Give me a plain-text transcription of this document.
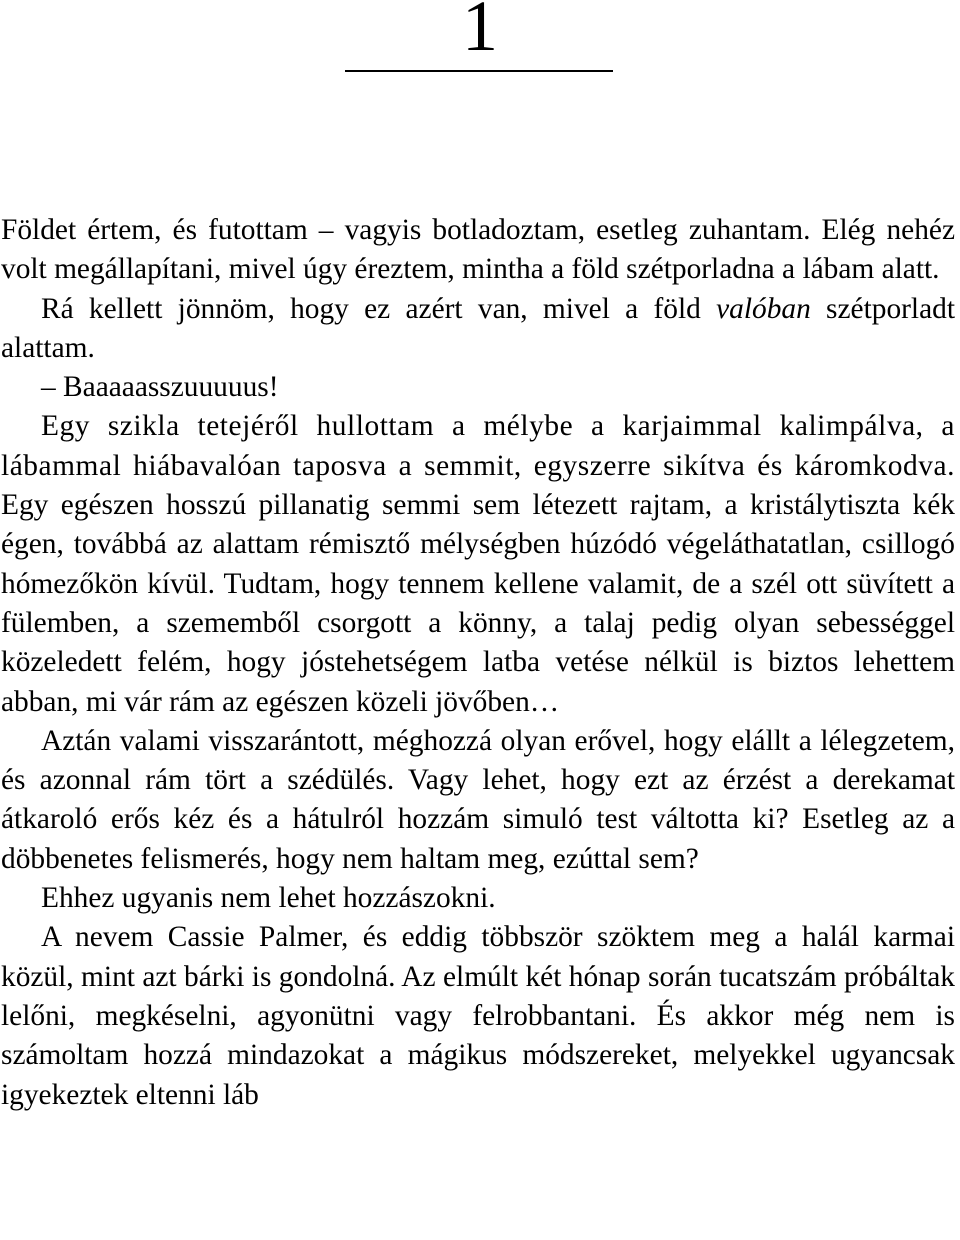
1

Földet értem, és futottam – vagyis botladoztam, esetleg zuhantam. Elég nehéz volt megállapítani, mivel úgy éreztem, mintha a föld szétporladna a lábam alatt.

Rá kellett jönnöm, hogy ez azért van, mivel a föld valóban szétporladt alattam.

– Baaaaasszuuuuus!

Egy szikla tetejéről hullottam a mélybe a karjaimmal kalimpálva, a lábammal hiábavalóan taposva a semmit, egyszerre sikítva és káromkodva. Egy egészen hosszú pillanatig semmi sem létezett rajtam, a kristálytiszta kék égen, továbbá az alattam rémisztő mélységben húzódó végeláthatatlan, csillogó hómezőkön kívül. Tudtam, hogy tennem kellene valamit, de a szél ott süvített a fülemben, a szememből csorgott a könny, a talaj pedig olyan sebességgel közeledett felém, hogy jóstehetségem latba vetése nélkül is biztos lehettem abban, mi vár rám az egészen közeli jövőben…

Aztán valami visszarántott, méghozzá olyan erővel, hogy elállt a lélegzetem, és azonnal rám tört a szédülés. Vagy lehet, hogy ezt az érzést a derekamat átkaroló erős kéz és a hátulról hozzám simuló test váltotta ki? Esetleg az a döbbenetes felismerés, hogy nem haltam meg, ezúttal sem?

Ehhez ugyanis nem lehet hozzászokni.

A nevem Cassie Palmer, és eddig többször szöktem meg a halál karmai közül, mint azt bárki is gondolná. Az elmúlt két hónap során tucatszám próbáltak lelőni, megkéselni, agyonütni vagy felrobbantani. És akkor még nem is számoltam hozzá mindazokat a mágikus módszereket, melyekkel ugyancsak igyekeztek eltenni láb
